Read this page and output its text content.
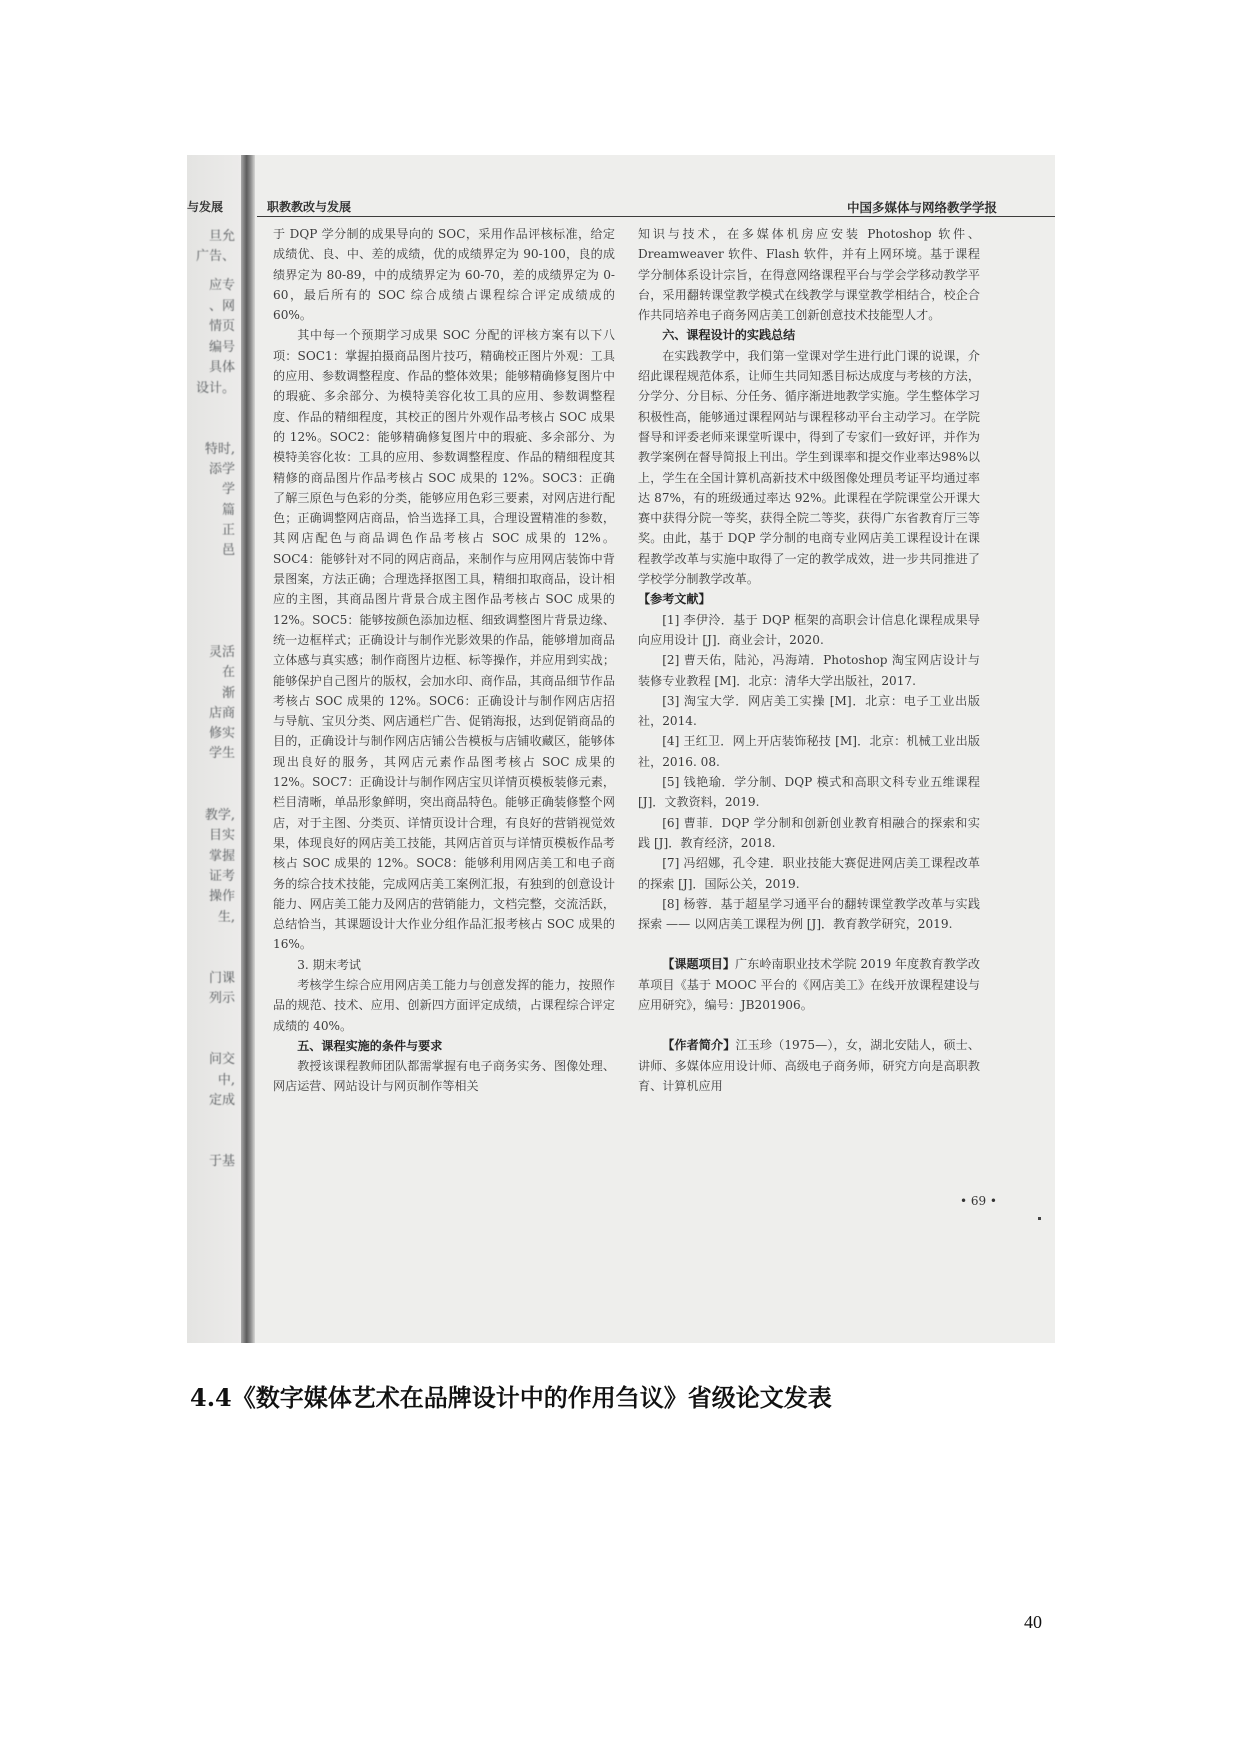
旦允
广告、
应专
、网
情页
编号
具体
设计。
特时,
添学
学
篇
正
邑
灵活
在
渐
店商
修实
学生
教学,
目实
掌握
证考
操作
生,
门课
列示
问交
中,
定成
于基
与发展	职教教改与发展	中国多媒体与网络教学学报

于 DQP 学分制的成果导向的 SOC，采用作品评核标准，给定成绩优、良、中、差的成绩，优的成绩界定为 90-100，良的成绩界定为 80-89，中的成绩界定为 60-70，差的成绩界定为 0-60，最后所有的 SOC 综合成绩占课程综合评定成绩成的 60%。

其中每一个预期学习成果 SOC 分配的评核方案有以下八项：SOC1：掌握拍摄商品图片技巧，精确校正图片外观：工具的应用、参数调整程度、作品的整体效果；能够精确修复图片中的瑕疵、多余部分、为模特美容化妆工具的应用、参数调整程度、作品的精细程度，其校正的图片外观作品考核占 SOC 成果的 12%。SOC2：能够精确修复图片中的瑕疵、多余部分、为模特美容化妆：工具的应用、参数调整程度、作品的精细程度其精修的商品图片作品考核占 SOC 成果的 12%。SOC3：正确了解三原色与色彩的分类，能够应用色彩三要素，对网店进行配色；正确调整网店商品，恰当选择工具，合理设置精准的参数，其网店配色与商品调色作品考核占 SOC 成果的 12%。SOC4：能够针对不同的网店商品，来制作与应用网店装饰中背景图案，方法正确；合理选择抠图工具，精细扣取商品，设计相应的主图，其商品图片背景合成主图作品考核占 SOC 成果的 12%。SOC5：能够按颜色添加边框、细致调整图片背景边缘、统一边框样式；正确设计与制作光影效果的作品，能够增加商品立体感与真实感；制作商图片边框、标等操作，并应用到实战；能够保护自己图片的版权，会加水印、商作品，其商品细节作品考核占 SOC 成果的 12%。SOC6：正确设计与制作网店店招与导航、宝贝分类、网店通栏广告、促销海报，达到促销商品的目的，正确设计与制作网店店铺公告模板与店铺收藏区，能够体现出良好的服务，其网店元素作品图考核占 SOC 成果的 12%。SOC7：正确设计与制作网店宝贝详情页模板装修元素，栏目清晰，单品形象鲜明，突出商品特色。能够正确装修整个网店，对于主图、分类页、详情页设计合理，有良好的营销视觉效果，体现良好的网店美工技能，其网店首页与详情页模板作品考核占 SOC 成果的 12%。SOC8：能够利用网店美工和电子商务的综合技术技能，完成网店美工案例汇报，有独到的创意设计能力、网店美工能力及网店的营销能力，文档完整，交流活跃，总结恰当，其课题设计大作业分组作品汇报考核占 SOC 成果的 16%。

3. 期末考试

考核学生综合应用网店美工能力与创意发挥的能力，按照作品的规范、技术、应用、创新四方面评定成绩，占课程综合评定成绩的 40%。

五、课程实施的条件与要求

教授该课程教师团队都需掌握有电子商务实务、图像处理、网店运营、网站设计与网页制作等相关

知识与技术，在多媒体机房应安装 Photoshop 软件、Dreamweaver 软件、Flash 软件，并有上网环境。基于课程学分制体系设计宗旨，在得意网络课程平台与学会学移动教学平台，采用翻转课堂教学模式在线教学与课堂教学相结合，校企合作共同培养电子商务网店美工创新创意技术技能型人才。

六、课程设计的实践总结

在实践教学中，我们第一堂课对学生进行此门课的说课，介绍此课程规范体系，让师生共同知悉目标达成度与考核的方法，分学分、分目标、分任务、循序渐进地教学实施。学生整体学习积极性高，能够通过课程网站与课程移动平台主动学习。在学院督导和评委老师来课堂听课中，得到了专家们一致好评，并作为教学案例在督导简报上刊出。学生到课率和提交作业率达98%以上，学生在全国计算机高新技术中级图像处理员考证平均通过率达 87%，有的班级通过率达 92%。此课程在学院课堂公开课大赛中获得分院一等奖，获得全院二等奖，获得广东省教育厅三等奖。由此，基于 DQP 学分制的电商专业网店美工课程设计在课程教学改革与实施中取得了一定的教学成效，进一步共同推进了学校学分制教学改革。

【参考文献】

[1] 李伊泠．基于 DQP 框架的高职会计信息化课程成果导向应用设计 [J]．商业会计，2020.

[2] 曹天佑，陆沁，冯海靖．Photoshop 淘宝网店设计与装修专业教程 [M]．北京：清华大学出版社，2017.

[3] 淘宝大学．网店美工实操 [M]．北京：电子工业出版社，2014.

[4] 王红卫．网上开店装饰秘技 [M]．北京：机械工业出版社，2016. 08.

[5] 钱艳瑜．学分制、DQP 模式和高职文科专业五维课程 [J]．文教资料，2019.

[6] 曹菲．DQP 学分制和创新创业教育相融合的探索和实践 [J]．教育经济，2018.

[7] 冯绍娜，孔令建．职业技能大赛促进网店美工课程改革的探索 [J]．国际公关，2019.

[8] 杨蓉．基于超星学习通平台的翻转课堂教学改革与实践探索 —— 以网店美工课程为例 [J]．教育教学研究，2019.

【课题项目】广东岭南职业技术学院 2019 年度教育教学改革项目《基于 MOOC 平台的《网店美工》在线开放课程建设与应用研究》，编号：JB201906。

【作者简介】江玉珍（1975—），女，湖北安陆人，硕士、讲师、多媒体应用设计师、高级电子商务师，研究方向是高职教育、计算机应用

• 69 •
4.4《数字媒体艺术在品牌设计中的作用刍议》省级论文发表
40
